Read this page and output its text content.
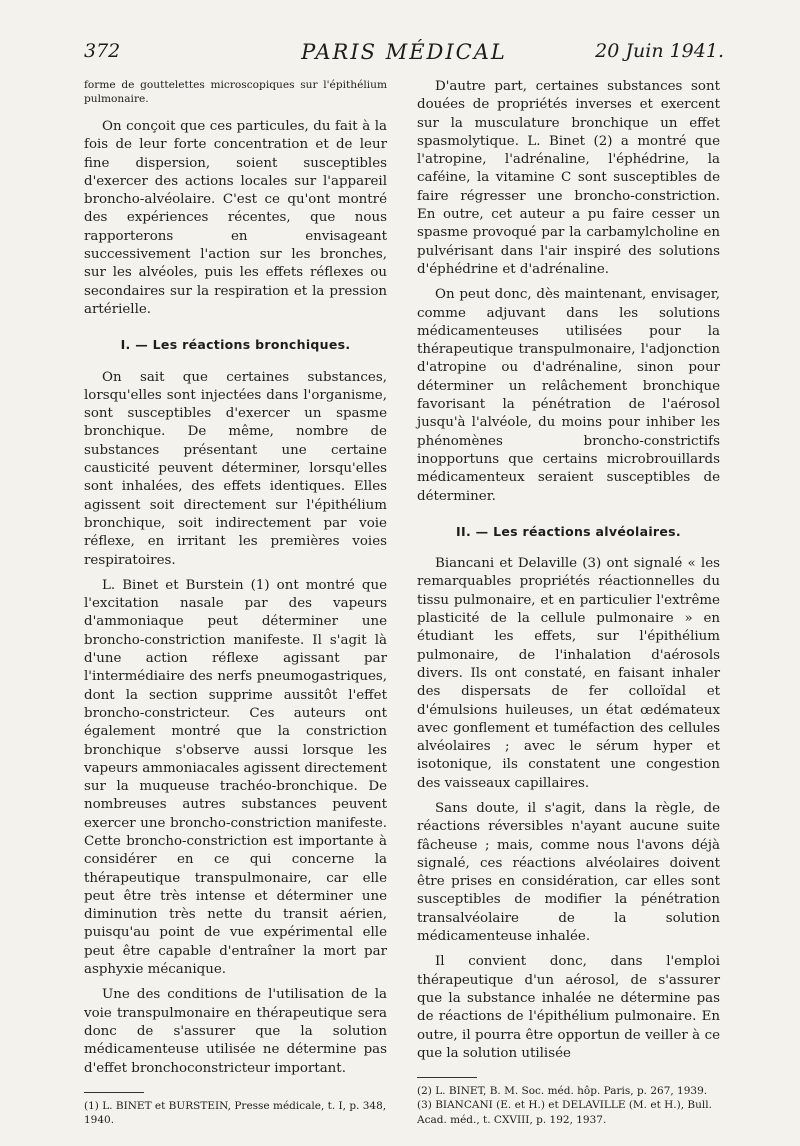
372	PARIS MÉDICAL	20 Juin 1941.

forme de gouttelettes microscopiques sur l'épithélium pulmonaire.

On conçoit que ces particules, du fait à la fois de leur forte concentration et de leur fine dispersion, soient susceptibles d'exercer des actions locales sur l'appareil broncho-alvéolaire. C'est ce qu'ont montré des expériences récentes, que nous rapporterons en envisageant successivement l'action sur les bronches, sur les alvéoles, puis les effets réflexes ou secondaires sur la respiration et la pression artérielle.

I. — Les réactions bronchiques.

On sait que certaines substances, lorsqu'elles sont injectées dans l'organisme, sont susceptibles d'exercer un spasme bronchique. De même, nombre de substances présentant une certaine causticité peuvent déterminer, lorsqu'elles sont inhalées, des effets identiques. Elles agissent soit directement sur l'épithélium bronchique, soit indirectement par voie réflexe, en irritant les premières voies respiratoires.

L. Binet et Burstein (1) ont montré que l'excitation nasale par des vapeurs d'ammoniaque peut déterminer une broncho-constriction manifeste. Il s'agit là d'une action réflexe agissant par l'intermédiaire des nerfs pneumogastriques, dont la section supprime aussitôt l'effet broncho-constricteur. Ces auteurs ont également montré que la constriction bronchique s'observe aussi lorsque les vapeurs ammoniacales agissent directement sur la muqueuse trachéo-bronchique. De nombreuses autres substances peuvent exercer une broncho-constriction manifeste. Cette broncho-constriction est importante à considérer en ce qui concerne la thérapeutique transpulmonaire, car elle peut être très intense et déterminer une diminution très nette du transit aérien, puisqu'au point de vue expérimental elle peut être capable d'entraîner la mort par asphyxie mécanique.

Une des conditions de l'utilisation de la voie transpulmonaire en thérapeutique sera donc de s'assurer que la solution médicamenteuse utilisée ne détermine pas d'effet bronchoconstricteur important.

(1) L. BINET et BURSTEIN, Presse médicale, t. I, p. 348, 1940.

D'autre part, certaines substances sont douées de propriétés inverses et exercent sur la musculature bronchique un effet spasmolytique. L. Binet (2) a montré que l'atropine, l'adrénaline, l'éphédrine, la caféine, la vitamine C sont susceptibles de faire régresser une broncho-constriction. En outre, cet auteur a pu faire cesser un spasme provoqué par la carbamylcholine en pulvérisant dans l'air inspiré des solutions d'éphédrine et d'adrénaline.

On peut donc, dès maintenant, envisager, comme adjuvant dans les solutions médicamenteuses utilisées pour la thérapeutique transpulmonaire, l'adjonction d'atropine ou d'adrénaline, sinon pour déterminer un relâchement bronchique favorisant la pénétration de l'aérosol jusqu'à l'alvéole, du moins pour inhiber les phénomènes broncho-constrictifs inopportuns que certains microbrouillards médicamenteux seraient susceptibles de déterminer.

II. — Les réactions alvéolaires.

Biancani et Delaville (3) ont signalé « les remarquables propriétés réactionnelles du tissu pulmonaire, et en particulier l'extrême plasticité de la cellule pulmonaire » en étudiant les effets, sur l'épithélium pulmonaire, de l'inhalation d'aérosols divers. Ils ont constaté, en faisant inhaler des dispersats de fer colloïdal et d'émulsions huileuses, un état œdémateux avec gonflement et tuméfaction des cellules alvéolaires ; avec le sérum hyper et isotonique, ils constatent une congestion des vaisseaux capillaires.

Sans doute, il s'agit, dans la règle, de réactions réversibles n'ayant aucune suite fâcheuse ; mais, comme nous l'avons déjà signalé, ces réactions alvéolaires doivent être prises en considération, car elles sont susceptibles de modifier la pénétration transalvéolaire de la solution médicamenteuse inhalée.

Il convient donc, dans l'emploi thérapeutique d'un aérosol, de s'assurer que la substance inhalée ne détermine pas de réactions de l'épithélium pulmonaire. En outre, il pourra être opportun de veiller à ce que la solution utilisée

(2) L. BINET, B. M. Soc. méd. hôp. Paris, p. 267, 1939.

(3) BIANCANI (E. et H.) et DELAVILLE (M. et H.), Bull. Acad. méd., t. CXVIII, p. 192, 1937.
